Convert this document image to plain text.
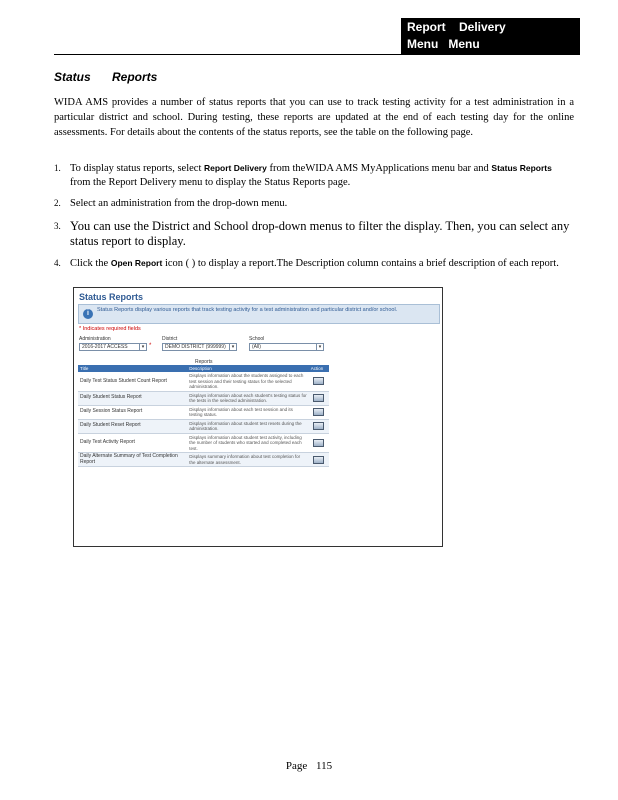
Report    Delivery
Menu   Menu
Status Reports

WIDA AMS provides a number of status reports that you can use to track testing activity for a test administration in a particular district and school. During testing, these reports are updated at the end of each testing day for the online assessments. For details about the contents of the status reports, see the table on the following page.

1. To display status reports, select Report Delivery from theWIDA AMS MyApplications menu bar and Status Reports from the Report Delivery menu to display the Status Reports page.
2. Select an administration from the drop-down menu.
3. You can use the District and School drop-down menus to filter the display. Then, you can select any status report to display.
4. Click the Open Report icon ( ) to display a report.The Description column contains a brief description of each report.
Status Reports
i	Status Reports display various reports that track testing activity for a test administration and particular district and/or school.
* Indicates required fields
Administration
2016-2017 ACCESS	▾ *
District
DEMO DISTRICT (999999)	▾
School
(All)	▾
Reports
Title	Description	Action
Daily Test Status Student Count Report	Displays information about the students assigned to each test session and their testing status for the selected administration.	
Daily Student Status Report	Displays information about each student's testing status for the tests in the selected administration.	
Daily Session Status Report	Displays information about each test session and its testing status.	
Daily Student Reset Report	Displays information about student test resets during the administration.	
Daily Test Activity Report	Displays information about student test activity, including the number of students who started and completed each test.	
Daily Alternate Summary of Test Completion Report	Displays summary information about test completion for the alternate assessment.	
Page 115
